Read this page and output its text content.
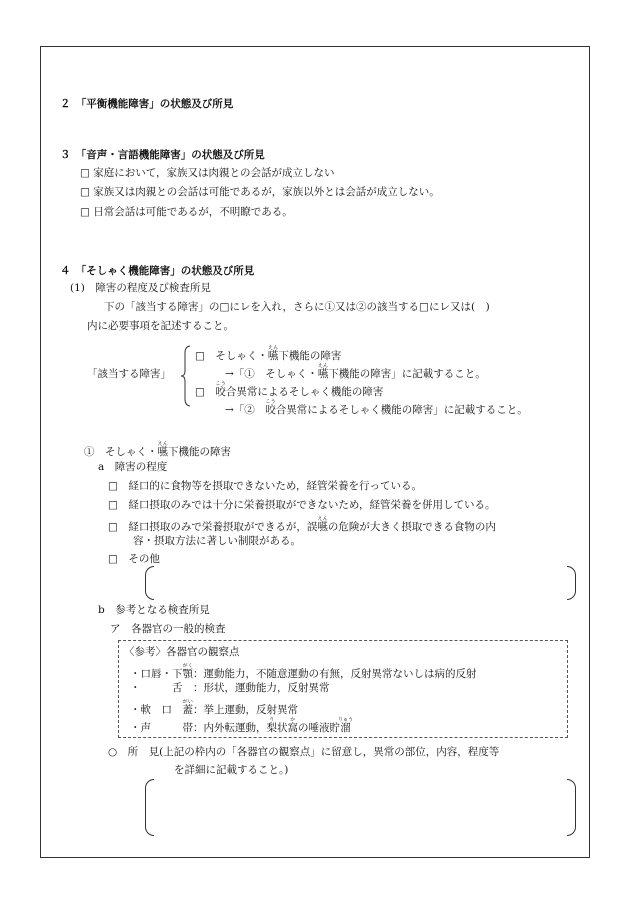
２　「平衡機能障害」の状態及び所見
３　「音声・言語機能障害」の状態及び所見
□ 家庭において，家族又は肉親との会話が成立しない
□ 家族又は肉親との会話は可能であるが，家族以外とは会話が成立しない。
□ 日常会話は可能であるが，不明瞭である。
４　「そしゃく機能障害」の状態及び所見
(1)　障害の程度及び検査所見
下の「該当する障害」の□にレを入れ，さらに①又は②の該当する□にレ又は(　)
内に必要事項を記述すること。
「該当する障害」
□　 そしゃく・嚥えん下機能の障害
→「①　そしゃく・嚥えん下機能の障害」に記載すること。
□　 咬こう合異常によるそしゃく機能の障害
→「②　咬こう合異常によるそしゃく機能の障害」に記載すること。
①　そしゃく・嚥えん下機能の障害
a　障害の程度
□　 経口的に食物等を摂取できないため，経管栄養を行っている。
□　 経口摂取のみでは十分に栄養摂取ができないため，経管栄養を併用している。
□　 経口摂取のみで栄養摂取ができるが，誤嚥えんの危険が大きく摂取できる食物の内
容・摂取方法に著しい制限がある。
□　 その他
b　参考となる検査所見
ア　各器官の一般的検査
〈参考〉各器官の観察点
・口唇・下顎がく：運動能力，不随意運動の有無，反射異常ないしは病的反射
・　　　舌　 ：形状，運動能力，反射異常
・軟　口　蓋がい：挙上運動，反射異常
・声　　　帯：内外転運動，梨り状窩かの唾液貯溜りゅう
○　所　見(上記の枠内の「各器官の観察点」に留意し，異常の部位，内容，程度等
を詳細に記載すること。)
